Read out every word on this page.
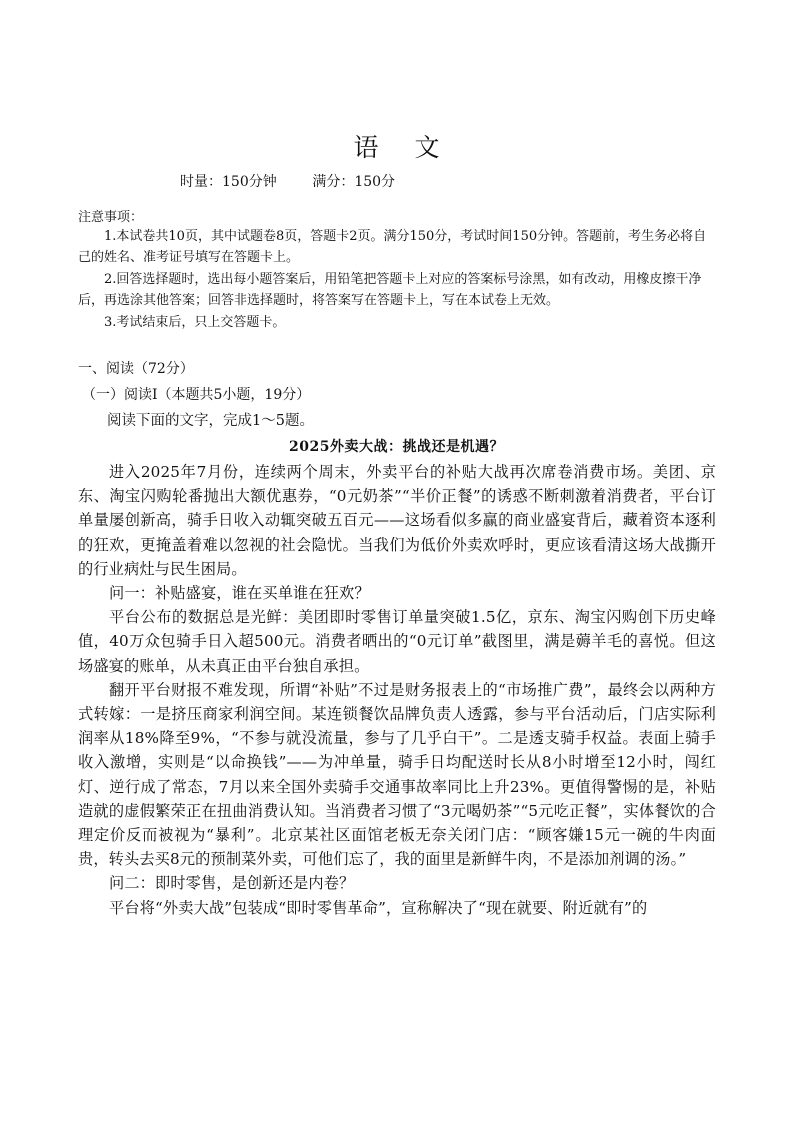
语文
时量：150分钟        满分：150分
注意事项：

1.本试卷共10页，其中试题卷8页，答题卡2页。满分150分，考试时间150分钟。答题前，考生务必将自己的姓名、准考证号填写在答题卡上。

2.回答选择题时，选出每小题答案后，用铅笔把答题卡上对应的答案标号涂黑，如有改动，用橡皮擦干净后，再选涂其他答案；回答非选择题时，将答案写在答题卡上，写在本试卷上无效。

3.考试结束后，只上交答题卡。

一、阅读（72分）
（一）阅读Ⅰ（本题共5小题，19分）
阅读下面的文字，完成1～5题。
2025外卖大战：挑战还是机遇？

进入2025年7月份，连续两个周末，外卖平台的补贴大战再次席卷消费市场。美团、京东、淘宝闪购轮番抛出大额优惠券，“0元奶茶”“半价正餐”的诱惑不断刺激着消费者，平台订单量屡创新高，骑手日收入动辄突破五百元——这场看似多赢的商业盛宴背后，藏着资本逐利的狂欢，更掩盖着难以忽视的社会隐忧。当我们为低价外卖欢呼时，更应该看清这场大战撕开的行业病灶与民生困局。

问一：补贴盛宴，谁在买单谁在狂欢？

平台公布的数据总是光鲜：美团即时零售订单量突破1.5亿，京东、淘宝闪购创下历史峰值，40万众包骑手日入超500元。消费者晒出的“0元订单”截图里，满是薅羊毛的喜悦。但这场盛宴的账单，从未真正由平台独自承担。

翻开平台财报不难发现，所谓“补贴”不过是财务报表上的“市场推广费”，最终会以两种方式转嫁：一是挤压商家利润空间。某连锁餐饮品牌负责人透露，参与平台活动后，门店实际利润率从18%降至9%，“不参与就没流量，参与了几乎白干”。二是透支骑手权益。表面上骑手收入激增，实则是“以命换钱”——为冲单量，骑手日均配送时长从8小时增至12小时，闯红灯、逆行成了常态，7月以来全国外卖骑手交通事故率同比上升23%。更值得警惕的是，补贴造就的虚假繁荣正在扭曲消费认知。当消费者习惯了“3元喝奶茶”“5元吃正餐”，实体餐饮的合理定价反而被视为“暴利”。北京某社区面馆老板无奈关闭门店：“顾客嫌15元一碗的牛肉面贵，转头去买8元的预制菜外卖，可他们忘了，我的面里是新鲜牛肉，不是添加剂调的汤。”

问二：即时零售，是创新还是内卷？

平台将“外卖大战”包装成“即时零售革命”，宣称解决了“现在就要、附近就有”的
